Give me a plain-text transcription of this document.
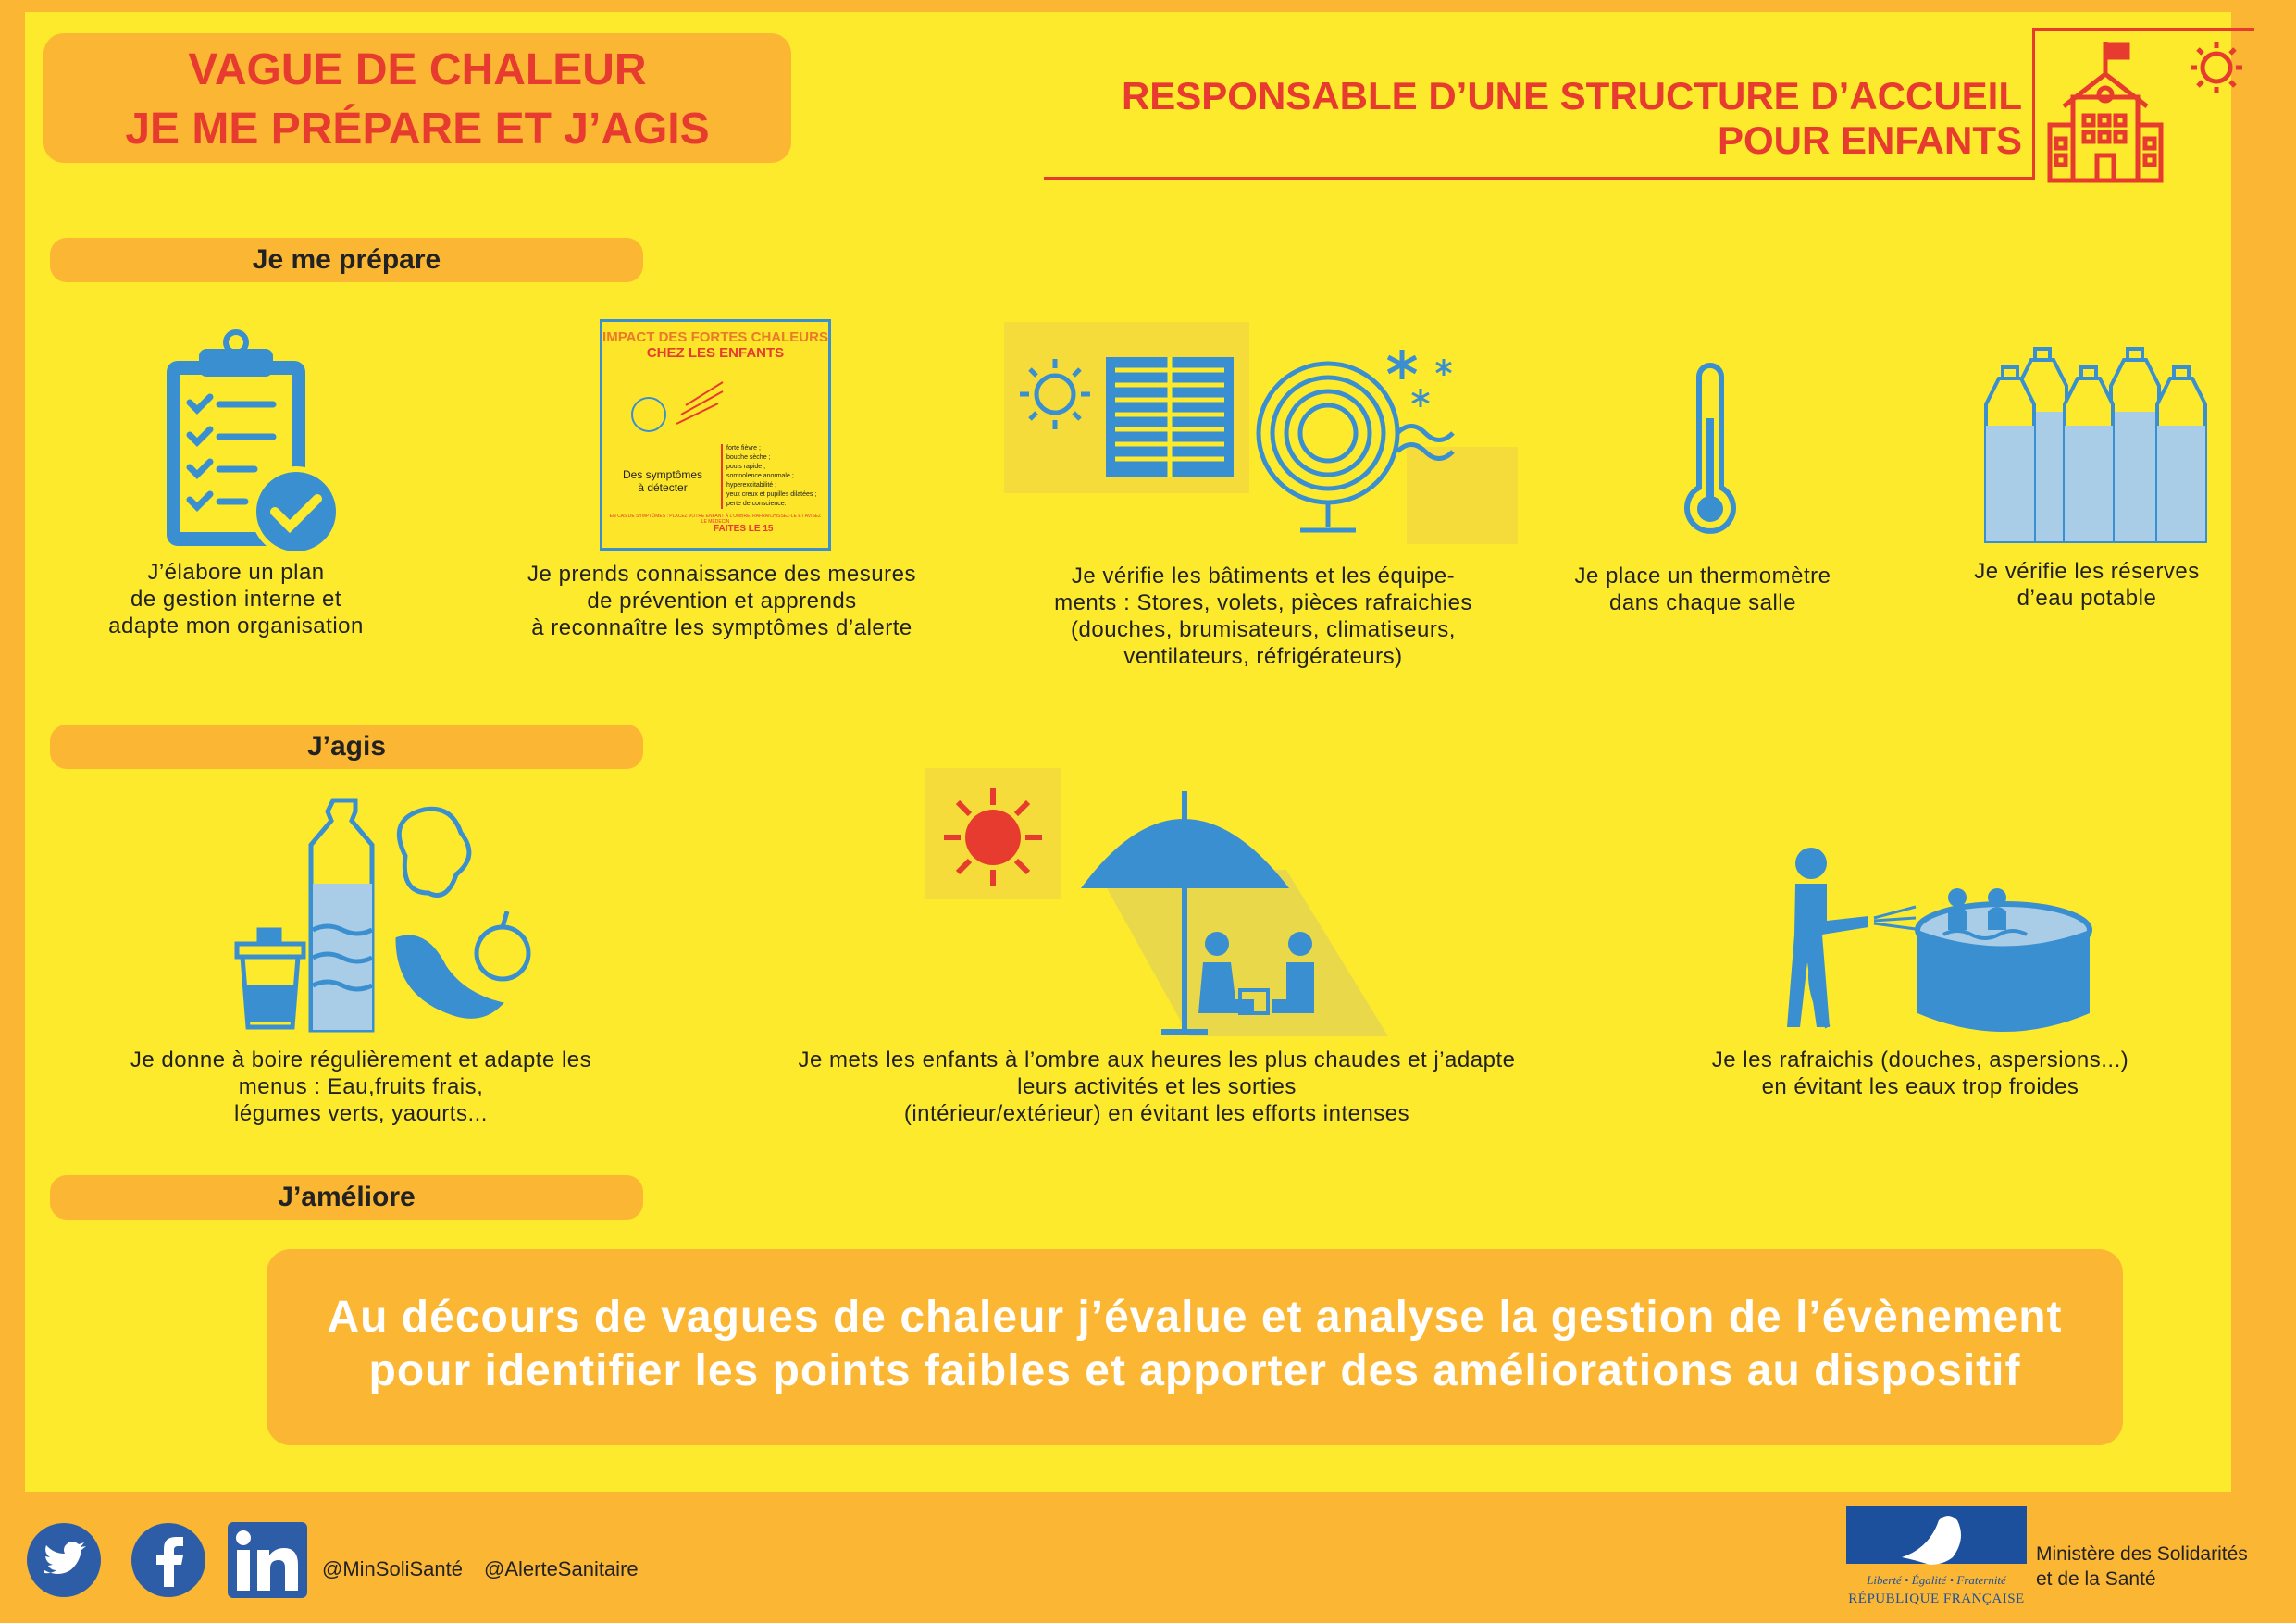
VAGUE DE CHALEUR
JE ME PRÉPARE ET J’AGIS
RESPONSABLE D’UNE STRUCTURE D’ACCUEIL
POUR ENFANTS
Je me prépare
IMPACT DES FORTES CHALEURS
CHEZ LES ENFANTS
Des symptômes
à détecter
forte fièvre ;
bouche sèche ;
pouls rapide ;
somnolence anormale ;
hyperexcitabilité ;
yeux creux et pupilles dilatées ;
perte de conscience.
EN CAS DE SYMPTÔMES : PLACEZ VOTRE ENFANT À L’OMBRE, RAFRAICHISSEZ-LE ET AVISEZ LE MÉDECIN
FAITES LE 15
J’élabore un plan
de gestion interne et
adapte mon organisation
Je prends connaissance des mesures
de prévention et apprends
à reconnaître les symptômes d’alerte
Je vérifie les bâtiments et les équipe-
ments : Stores, volets, pièces rafraichies
(douches, brumisateurs, climatiseurs,
ventilateurs, réfrigérateurs)
Je place un thermomètre
dans chaque salle
Je vérifie les réserves
d’eau potable
J’agis
Je donne à boire régulièrement et adapte les
menus : Eau,fruits frais,
légumes verts, yaourts...
Je mets les enfants à l’ombre aux heures les plus chaudes et j’adapte
leurs activités et les sorties
(intérieur/extérieur) en évitant les efforts intenses
Je les rafraichis (douches, aspersions...)
en évitant les eaux trop froides
J’améliore
Au décours de vagues de chaleur j’évalue et analyse la gestion de l’évènement
pour identifier les points faibles et apporter des améliorations au dispositif
@MinSoliSanté @AlerteSanitaire	Liberté • Égalité • Fraternité
RÉPUBLIQUE FRANÇAISE
Ministère des Solidarités
et de la Santé
